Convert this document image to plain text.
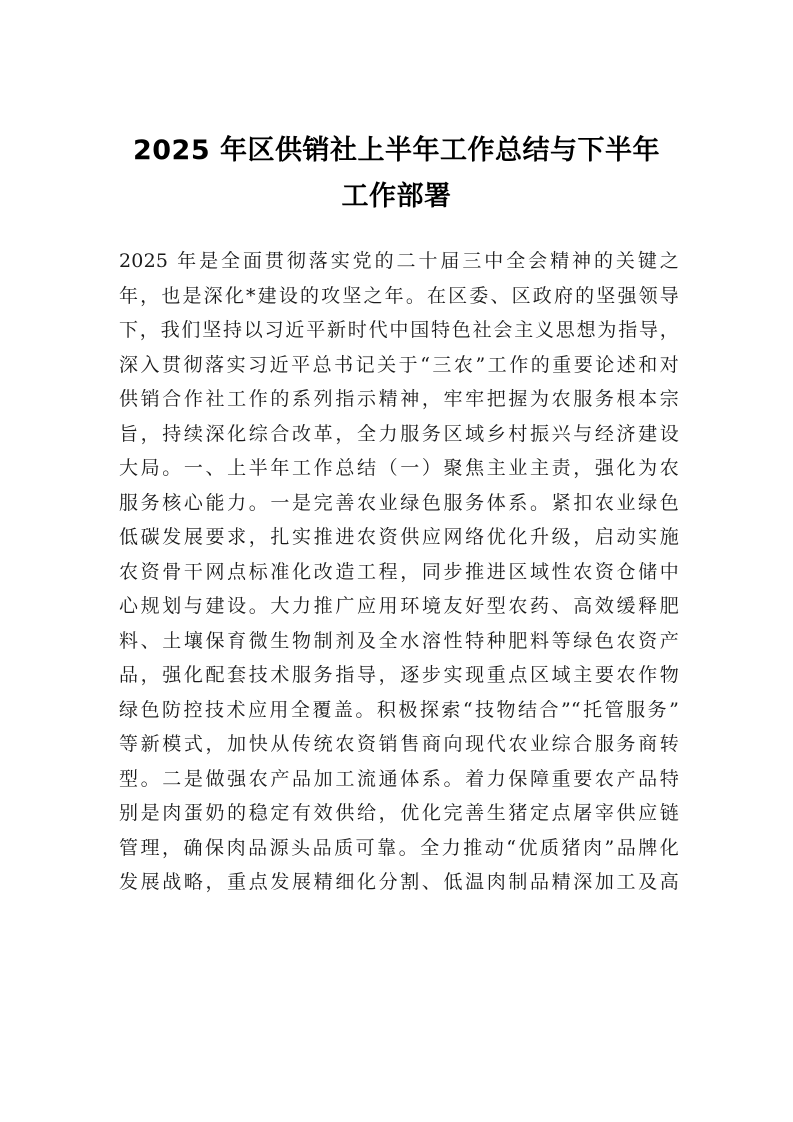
2025 年区供销社上半年工作总结与下半年
工作部署
2025 年是全面贯彻落实党的二十届三中全会精神的关键之
年，也是深化*建设的攻坚之年。在区委、区政府的坚强领导
下，我们坚持以习近平新时代中国特色社会主义思想为指导，
深入贯彻落实习近平总书记关于“三农”工作的重要论述和对
供销合作社工作的系列指示精神，牢牢把握为农服务根本宗
旨，持续深化综合改革，全力服务区域乡村振兴与经济建设
大局。一、上半年工作总结（一）聚焦主业主责，强化为农
服务核心能力。一是完善农业绿色服务体系。紧扣农业绿色
低碳发展要求，扎实推进农资供应网络优化升级，启动实施
农资骨干网点标准化改造工程，同步推进区域性农资仓储中
心规划与建设。大力推广应用环境友好型农药、高效缓释肥
料、土壤保育微生物制剂及全水溶性特种肥料等绿色农资产
品，强化配套技术服务指导，逐步实现重点区域主要农作物
绿色防控技术应用全覆盖。积极探索“技物结合”“托管服务”
等新模式，加快从传统农资销售商向现代农业综合服务商转
型。二是做强农产品加工流通体系。着力保障重要农产品特
别是肉蛋奶的稳定有效供给，优化完善生猪定点屠宰供应链
管理，确保肉品源头品质可靠。全力推动“优质猪肉”品牌化
发展战略，重点发展精细化分割、低温肉制品精深加工及高
